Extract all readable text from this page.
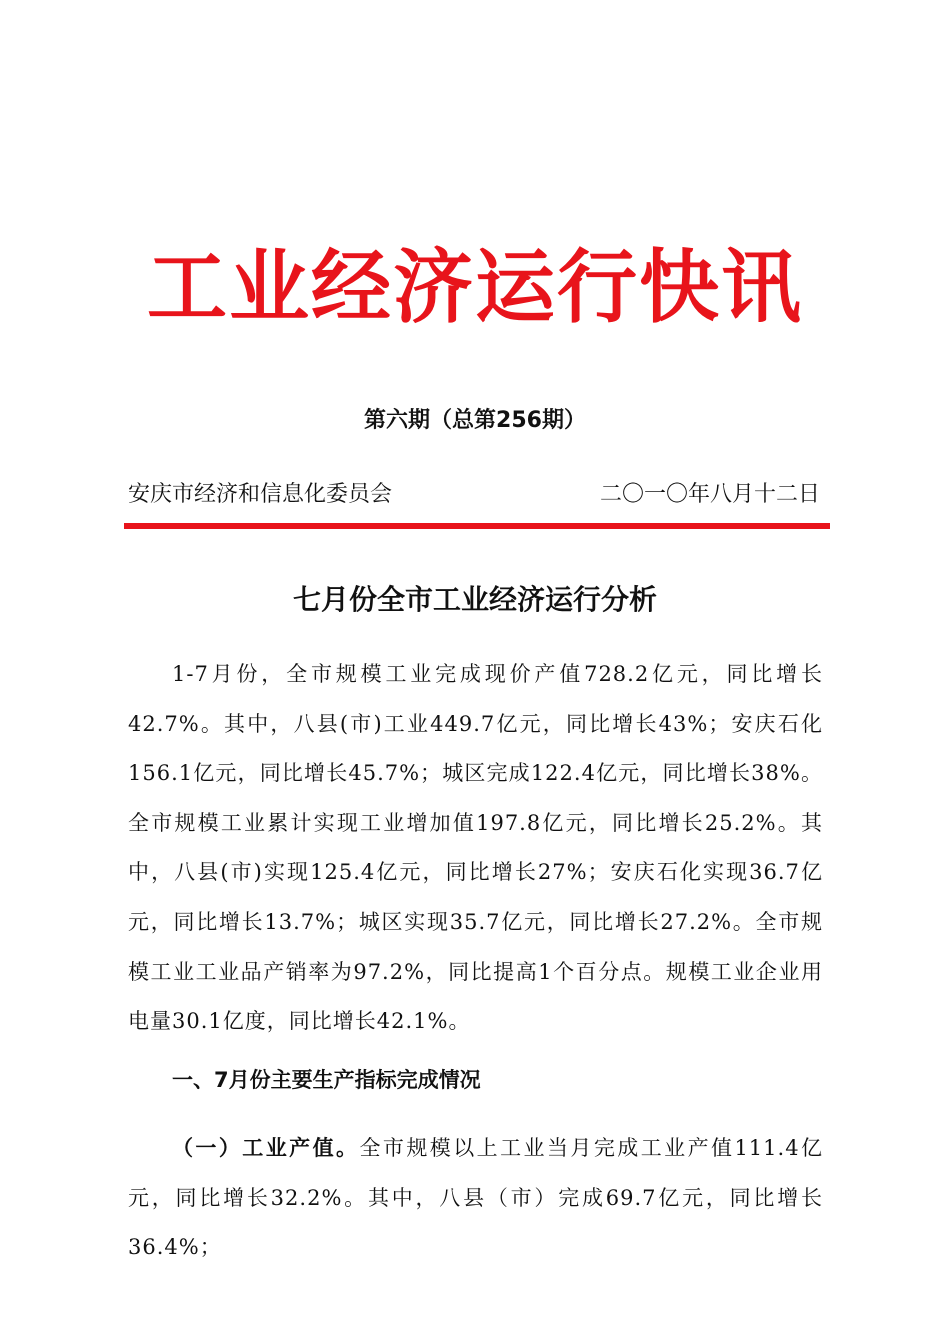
工业经济运行快讯
第六期（总第256期）
安庆市经济和信息化委员会	二〇一〇年八月十二日
七月份全市工业经济运行分析

1-7月份，全市规模工业完成现价产值728.2亿元，同比增长42.7%。其中，八县(市)工业449.7亿元，同比增长43%；安庆石化156.1亿元，同比增长45.7%；城区完成122.4亿元，同比增长38%。全市规模工业累计实现工业增加值197.8亿元，同比增长25.2%。其中，八县(市)实现125.4亿元，同比增长27%；安庆石化实现36.7亿元，同比增长13.7%；城区实现35.7亿元，同比增长27.2%。全市规模工业工业品产销率为97.2%，同比提高1个百分点。规模工业企业用电量30.1亿度，同比增长42.1%。

一、7月份主要生产指标完成情况

（一）工业产值。全市规模以上工业当月完成工业产值111.4亿元，同比增长32.2%。其中，八县（市）完成69.7亿元，同比增长36.4%；
